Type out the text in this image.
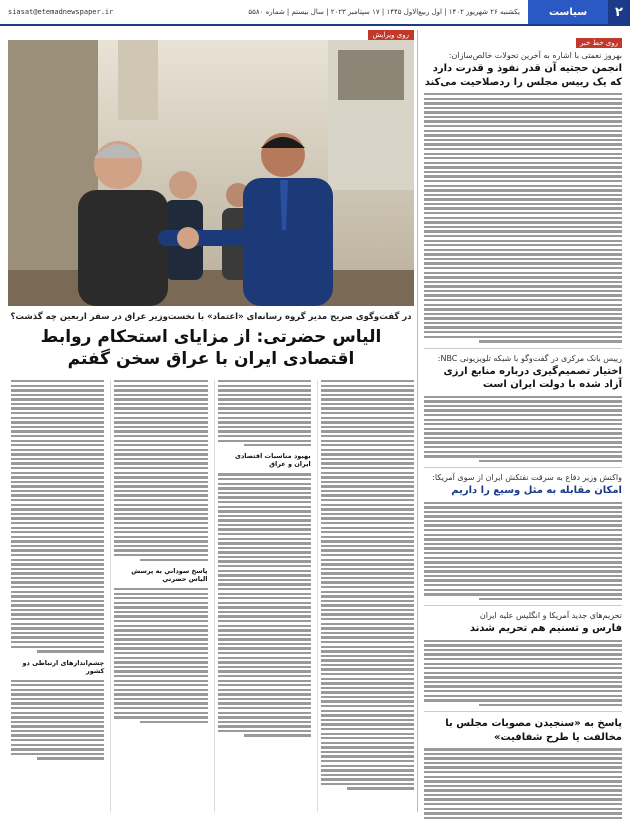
۲
سیاست
یکشنبه ۲۶ شهریور ۱۴۰۲ | اول ربیع‌الاول ۱۴۴۵ | ۱۷ سپتامبر ۲۰۲۳ | سال بیستم | شماره ۵۵۸۰
siasat@etemadnewspaper.ir
روی خط خبر
بهروز نعمتی با اشاره به آخرین تحولات خالص‌سازان:
انجمن حجتیه آن قدر نفوذ و قدرت دارد که یک رییس مجلس را ردصلاحیت می‌کند
رییس بانک مرکزی در گفت‌وگو با شبکه تلویزیونی NBC:
اختیار تصمیم‌گیری درباره منابع ارزی آزاد شده با دولت ایران است
واکنش وزیر دفاع به سرقت نفتکش ایران از سوی آمریکا:
امکان مقابله به مثل وسیع را داریم
تحریم‌های جدید آمریکا و انگلیس علیه ایران
فارس و تسنیم هم تحریم شدند
پاسخ به «سنجیدن مصوبات مجلس با مخالفت یا طرح شفافیت»
روی ویرایش
در گفت‌وگوی صریح مدیر گروه رسانه‌ای «اعتماد» با نخست‌وزیر عراق در سفر اربعین چه گذشت؟
الیاس حضرتی: از مزایای استحکام روابط اقتصادی ایران با عراق سخن گفتم
بهبود مناسبات اقتصادی ایران و عراق
پاسخ سوداني به پرسش الياس حضرتي
چشم‌اندازهای ارتباطی دو کشور
